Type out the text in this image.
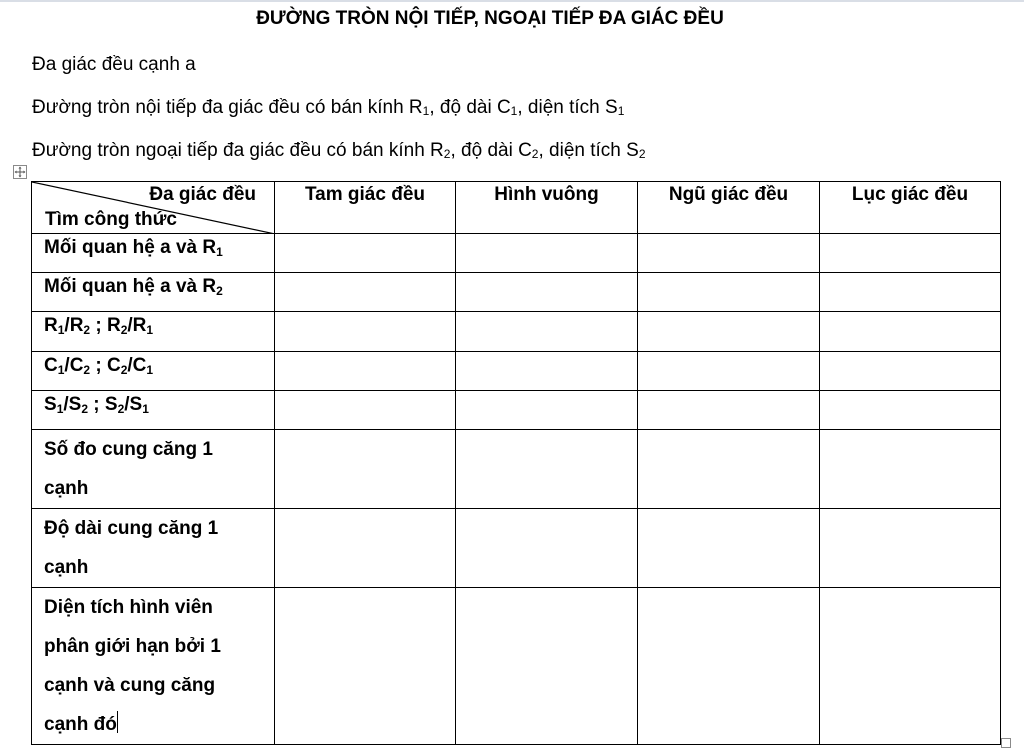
ĐƯỜNG TRÒN NỘI TIẾP, NGOẠI TIẾP ĐA GIÁC ĐỀU
Đa giác đều cạnh a
Đường tròn nội tiếp đa giác đều có bán kính $R_1$, độ dài $C_1$, diện tích $S_1$
Đường tròn ngoại tiếp đa giác đều có bán kính $R_2$, độ dài $C_2$, diện tích $S_2$
Đa giác đều
Tìm công thức	Tam giác đều	Hình vuông	Ngũ giác đều	Lục giác đều
Mối quan hệ a và $R_1$				
Mối quan hệ a và $R_2$				
$R_1/R_2$ ; $R_2/R_1$				
$C_1/C_2$ ; $C_2/C_1$				
$S_1/S_2$ ; $S_2/S_1$				

Số đo cung căng 1
cạnh				

Độ dài cung căng 1
cạnh				

Diện tích hình viên
phân giới hạn bởi 1
cạnh và cung căng
cạnh đó				
